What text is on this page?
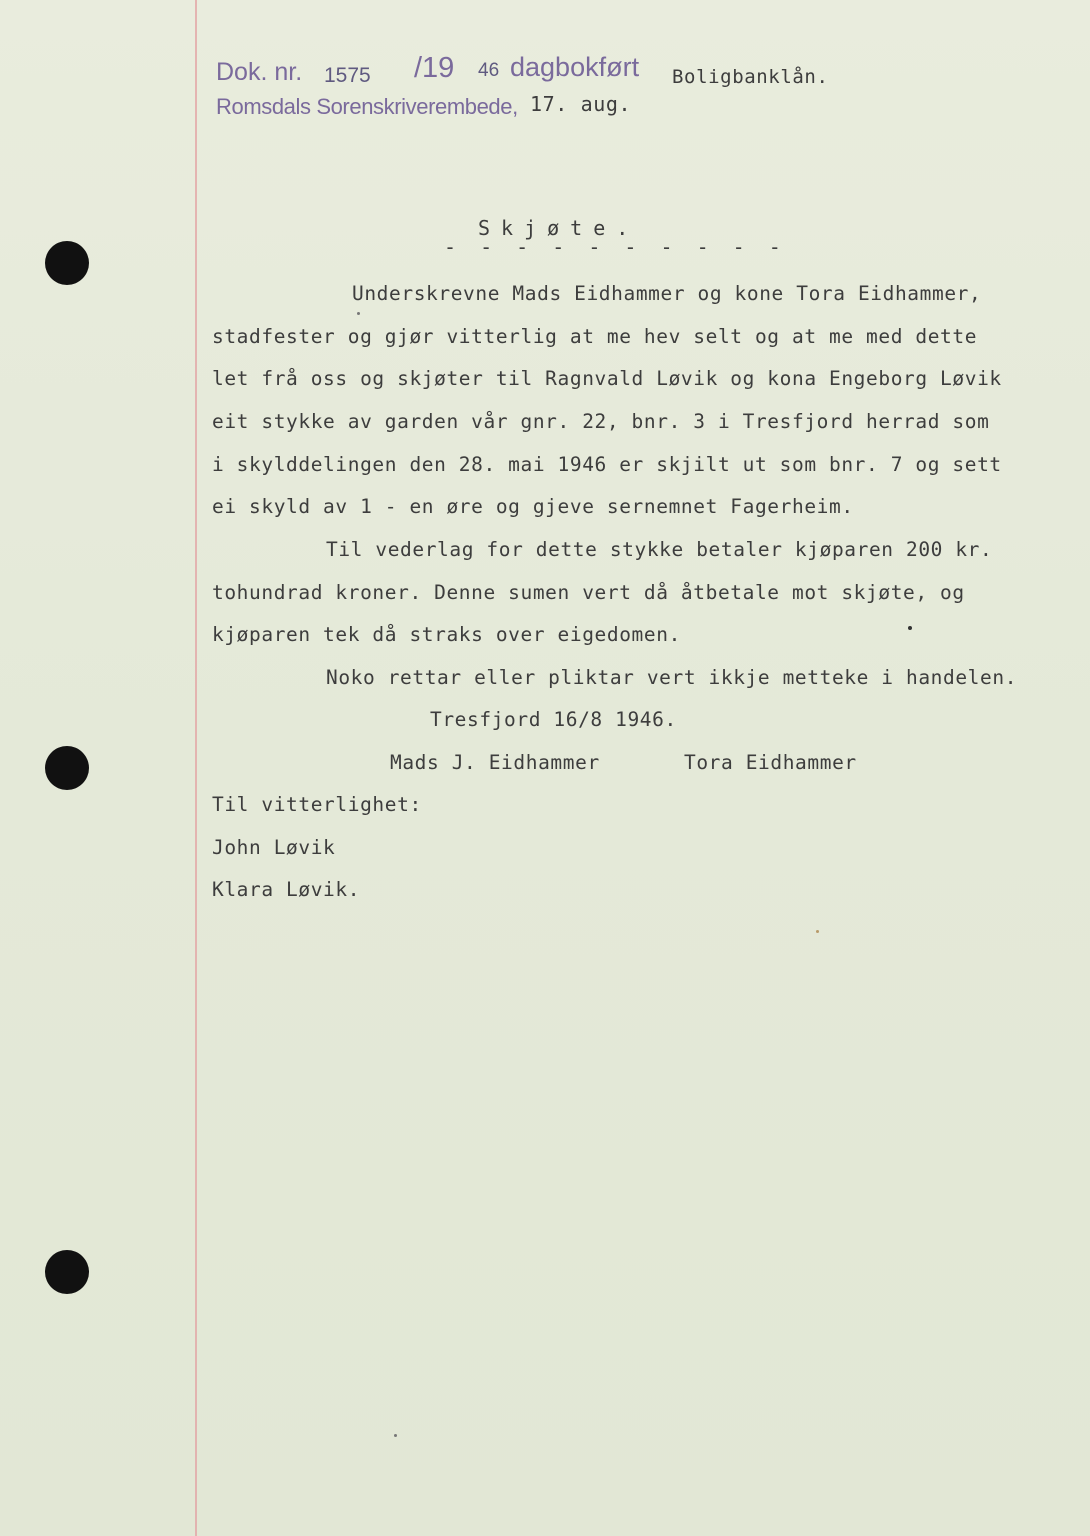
Dok. nr. 1575 /19 46 dagbokført
Romsdals Sorenskriverembede, 17. aug.
Boligbanklån.
Skjøte.
- - - - - - - - - -
Underskrevne Mads Eidhammer og kone Tora Eidhammer,
stadfester og gjør vitterlig at me hev selt og at me med dette
let frå oss og skjøter til Ragnvald Løvik og kona Engeborg Løvik
eit stykke av garden vår gnr. 22, bnr. 3 i Tresfjord herrad som
i skylddelingen den 28. mai 1946 er skjilt ut som bnr. 7 og sett
ei skyld av 1 - en øre og gjeve sernemnet Fagerheim.
Til vederlag for dette stykke betaler kjøparen 200 kr.
tohundrad kroner. Denne sumen vert då åtbetale mot skjøte, og
kjøparen tek då straks over eigedomen.
Noko rettar eller pliktar vert ikkje metteke i handelen.
Tresfjord 16/8 1946.
Mads J. Eidhammer	Tora Eidhammer
Til vitterlighet:
John Løvik
Klara Løvik.
